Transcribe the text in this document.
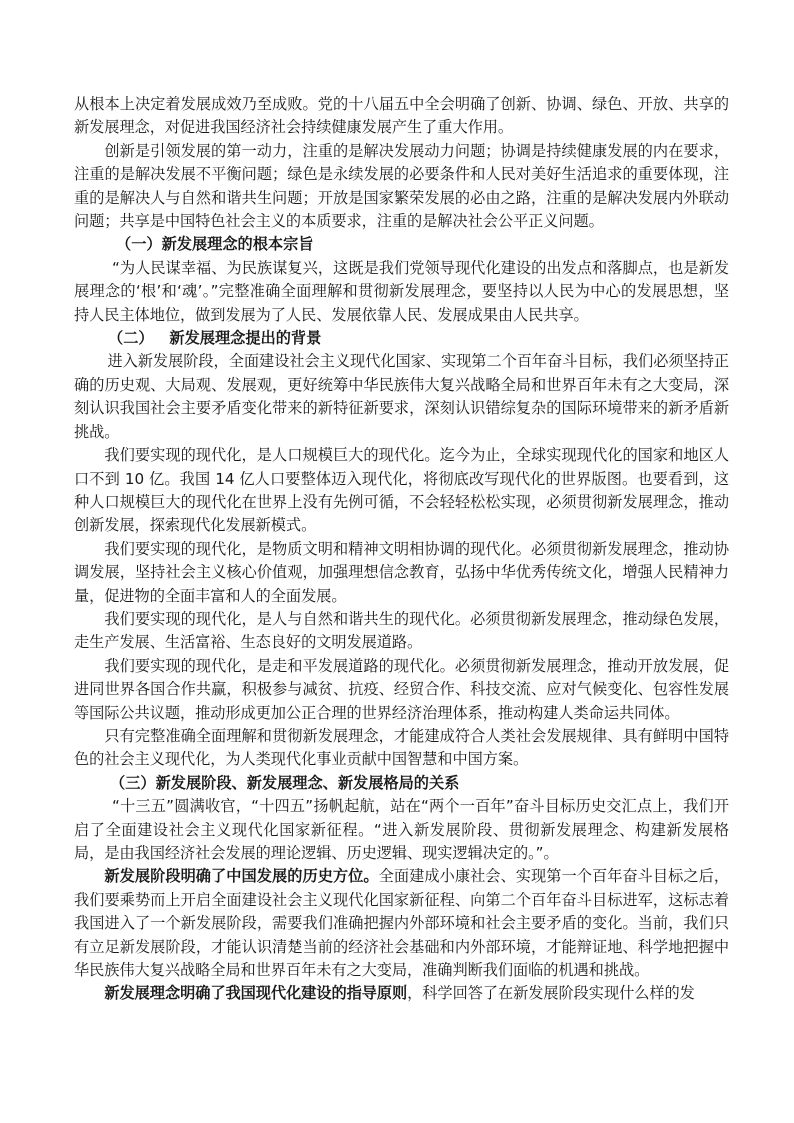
从根本上决定着发展成效乃至成败。党的十八届五中全会明确了创新、协调、绿色、开放、共享的新发展理念，对促进我国经济社会持续健康发展产生了重大作用。

创新是引领发展的第一动力，注重的是解决发展动力问题；协调是持续健康发展的内在要求，注重的是解决发展不平衡问题；绿色是永续发展的必要条件和人民对美好生活追求的重要体现，注重的是解决人与自然和谐共生问题；开放是国家繁荣发展的必由之路，注重的是解决发展内外联动问题；共享是中国特色社会主义的本质要求，注重的是解决社会公平正义问题。

（一）新发展理念的根本宗旨

“为人民谋幸福、为民族谋复兴，这既是我们党领导现代化建设的出发点和落脚点，也是新发展理念的‘根’和‘魂’。”完整准确全面理解和贯彻新发展理念，要坚持以人民为中心的发展思想，坚持人民主体地位，做到发展为了人民、发展依靠人民、发展成果由人民共享。

（二）   新发展理念提出的背景

进入新发展阶段，全面建设社会主义现代化国家、实现第二个百年奋斗目标，我们必须坚持正确的历史观、大局观、发展观，更好统筹中华民族伟大复兴战略全局和世界百年未有之大变局，深刻认识我国社会主要矛盾变化带来的新特征新要求，深刻认识错综复杂的国际环境带来的新矛盾新挑战。

我们要实现的现代化，是人口规模巨大的现代化。迄今为止，全球实现现代化的国家和地区人口不到 10 亿。我国 14 亿人口要整体迈入现代化，将彻底改写现代化的世界版图。也要看到，这种人口规模巨大的现代化在世界上没有先例可循，不会轻轻松松实现，必须贯彻新发展理念，推动创新发展，探索现代化发展新模式。

我们要实现的现代化，是物质文明和精神文明相协调的现代化。必须贯彻新发展理念，推动协调发展，坚持社会主义核心价值观，加强理想信念教育，弘扬中华优秀传统文化，增强人民精神力量，促进物的全面丰富和人的全面发展。

我们要实现的现代化，是人与自然和谐共生的现代化。必须贯彻新发展理念，推动绿色发展，走生产发展、生活富裕、生态良好的文明发展道路。

我们要实现的现代化，是走和平发展道路的现代化。必须贯彻新发展理念，推动开放发展，促进同世界各国合作共赢，积极参与减贫、抗疫、经贸合作、科技交流、应对气候变化、包容性发展等国际公共议题，推动形成更加公正合理的世界经济治理体系，推动构建人类命运共同体。

只有完整准确全面理解和贯彻新发展理念，才能建成符合人类社会发展规律、具有鲜明中国特色的社会主义现代化，为人类现代化事业贡献中国智慧和中国方案。

（三）新发展阶段、新发展理念、新发展格局的关系

“十三五”圆满收官，“十四五”扬帆起航，站在“两个一百年”奋斗目标历史交汇点上，我们开启了全面建设社会主义现代化国家新征程。“进入新发展阶段、贯彻新发展理念、构建新发展格局，是由我国经济社会发展的理论逻辑、历史逻辑、现实逻辑决定的。”。

新发展阶段明确了中国发展的历史方位。全面建成小康社会、实现第一个百年奋斗目标之后，我们要乘势而上开启全面建设社会主义现代化国家新征程、向第二个百年奋斗目标进军，这标志着我国进入了一个新发展阶段，需要我们准确把握内外部环境和社会主要矛盾的变化。当前，我们只有立足新发展阶段，才能认识清楚当前的经济社会基础和内外部环境，才能辩证地、科学地把握中华民族伟大复兴战略全局和世界百年未有之大变局，准确判断我们面临的机遇和挑战。

新发展理念明确了我国现代化建设的指导原则，科学回答了在新发展阶段实现什么样的发
